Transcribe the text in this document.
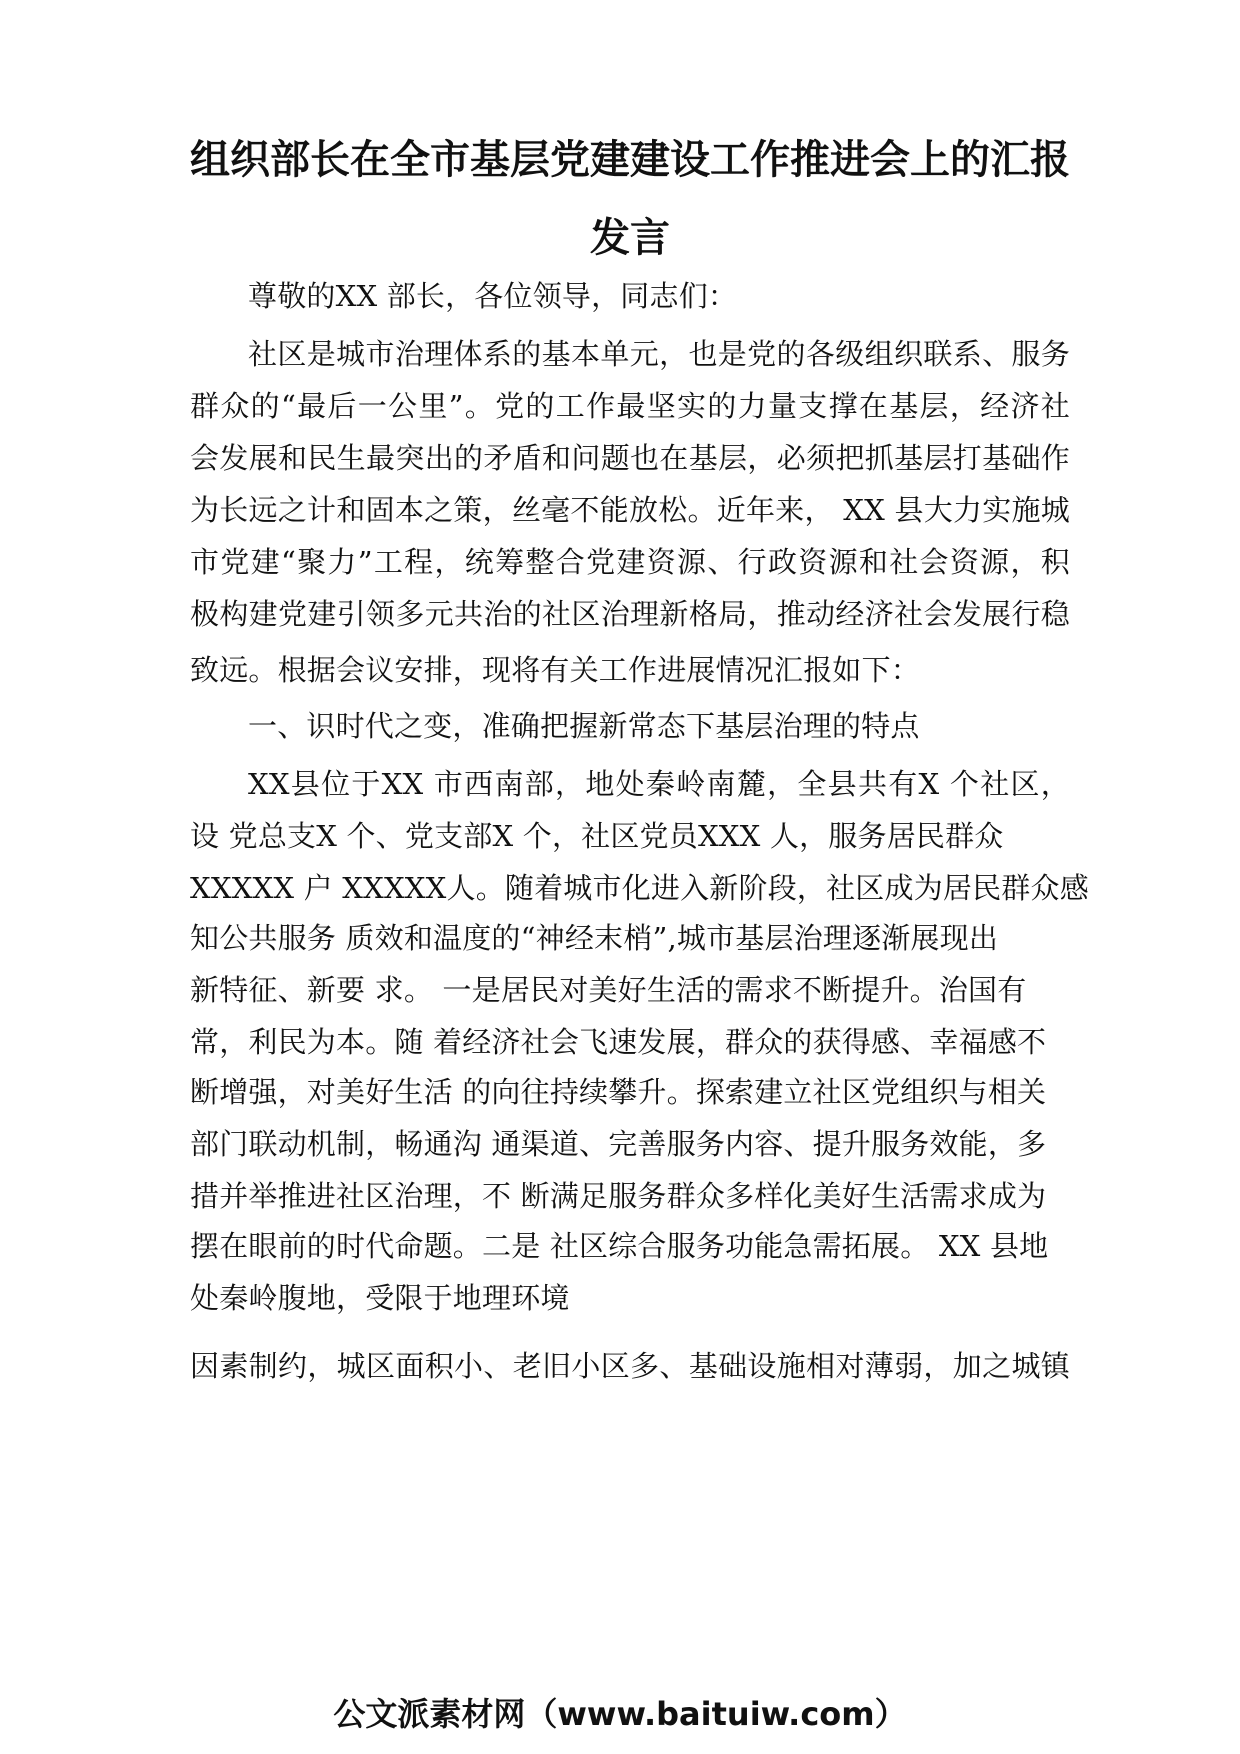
组织部长在全市基层党建建设工作推进会上的汇报
发言
尊敬的XX 部长，各位领导，同志们：
社区是城市治理体系的基本单元，也是党的各级组织联系、服务
群众的“最后一公里”。党的工作最坚实的力量支撑在基层，经济社
会发展和民生最突出的矛盾和问题也在基层，必须把抓基层打基础作
为长远之计和固本之策，丝毫不能放松。近年来， XX 县大力实施城
市党建“聚力”工程，统筹整合党建资源、行政资源和社会资源，积
极构建党建引领多元共治的社区治理新格局，推动经济社会发展行稳
致远。根据会议安排，现将有关工作进展情况汇报如下：
一、识时代之变，准确把握新常态下基层治理的特点
XX县位于XX 市西南部，地处秦岭南麓，全县共有X 个社区，
设 党总支X 个、党支部X 个，社区党员XXX 人，服务居民群众
XXXXX 户 XXXXX人。随着城市化进入新阶段，社区成为居民群众感
知公共服务 质效和温度的“神经末梢”,城市基层治理逐渐展现出
新特征、新要 求。 一是居民对美好生活的需求不断提升。治国有
常，利民为本。随 着经济社会飞速发展，群众的获得感、幸福感不
断增强，对美好生活 的向往持续攀升。探索建立社区党组织与相关
部门联动机制，畅通沟 通渠道、完善服务内容、提升服务效能，多
措并举推进社区治理，不 断满足服务群众多样化美好生活需求成为
摆在眼前的时代命题。二是 社区综合服务功能急需拓展。 XX 县地
处秦岭腹地，受限于地理环境
因素制约，城区面积小、老旧小区多、基础设施相对薄弱，加之城镇
公文派素材网（www.baituiw.com）
